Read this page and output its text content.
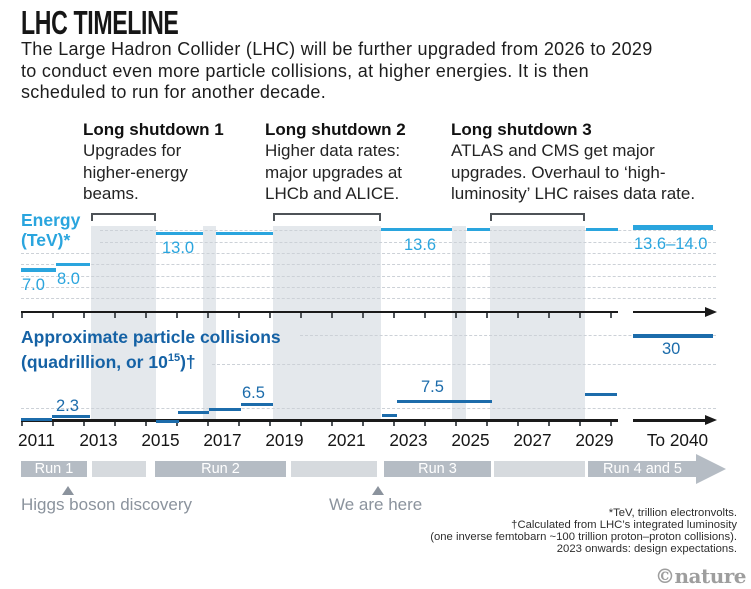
LHC TIMELINE
The Large Hadron Collider (LHC) will be further upgraded from 2026 to 2029
to conduct even more particle collisions, at higher energies. It is then
scheduled to run for another decade.
Long shutdown 1
Upgrades for
higher-energy
beams.
Long shutdown 2
Higher data rates:
major upgrades at
LHCb and ALICE.
Long shutdown 3
ATLAS and CMS get major
upgrades. Overhaul to ‘high-
luminosity’ LHC raises data rate.
2011	2013	2015	2017	2019	2021	2023	2025	2027	2029	To 2040
7.0 8.0
13.0	13.6	13.6–14.0
2.3
6.5	7.5
30
Run 1	Run 2	Run 3	Run 4 and 5
Energy
(TeV)*
Approximate particle collisions
(quadrillion, or $10^{15})\dagger$
Higgs boson discovery	We are here	*TeV, trillion electronvolts.
†Calculated from LHC’s integrated luminosity
(one inverse femtobarn ~100 trillion proton–proton collisions).
2023 onwards: design expectations.
©nature
